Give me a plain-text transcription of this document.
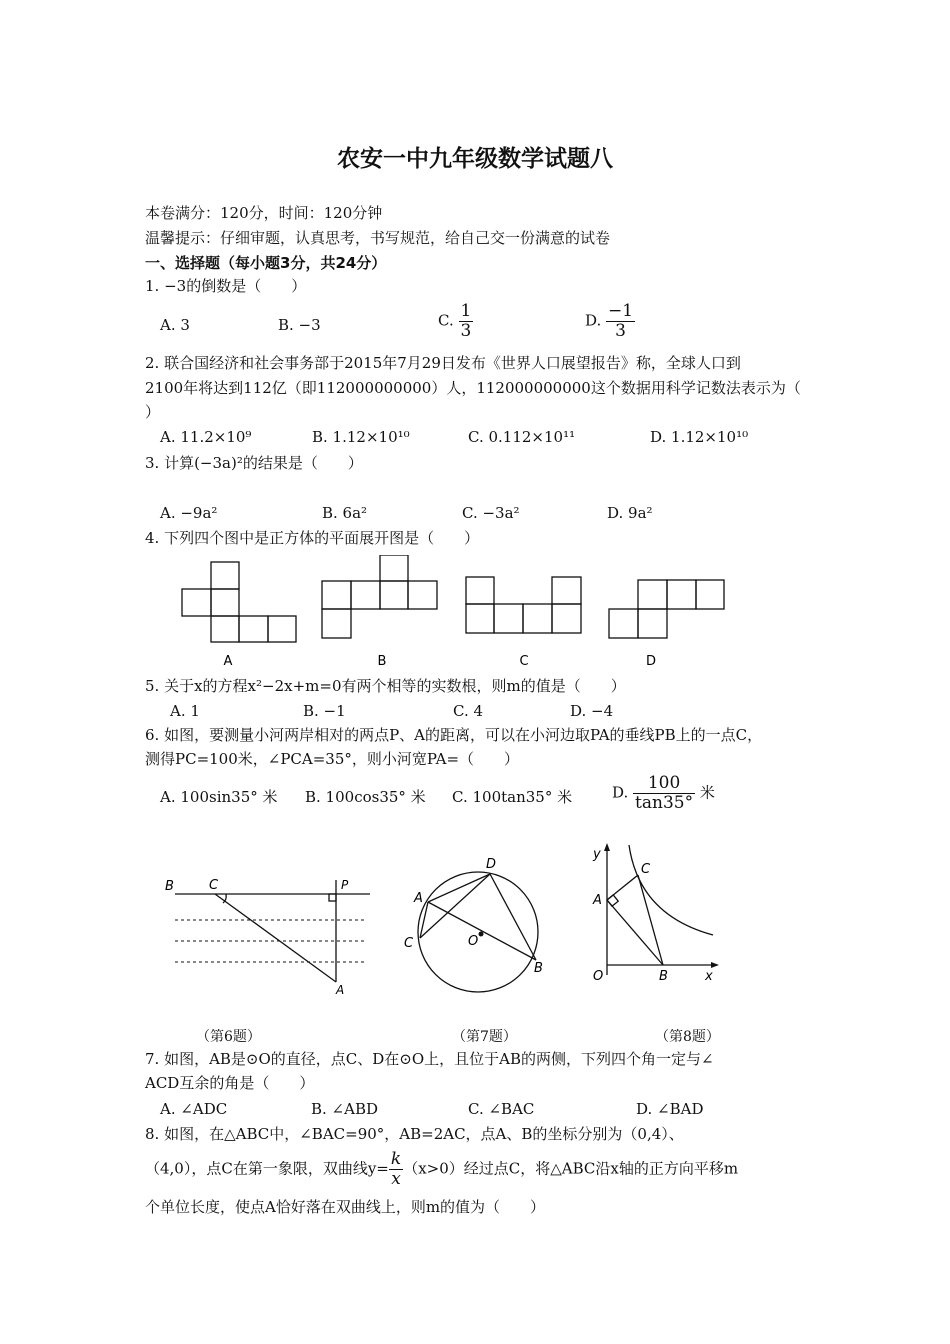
农安一中九年级数学试题八
本卷满分：120分，时间：120分钟
温馨提示：仔细审题，认真思考，书写规范，给自己交一份满意的试卷
一、选择题（每小题3分，共24分）
1. −3的倒数是（　　）
A. 3	B. −3	C. $\frac{1}{3}$	D. $\frac{-1}{3}$
2. 联合国经济和社会事务部于2015年7月29日发布《世界人口展望报告》称，全球人口到
2100年将达到112亿（即112000000000）人，112000000000这个数据用科学记数法表示为（
）
A. 11.2×10⁹	B. 1.12×10¹⁰	C. 0.112×10¹¹	D. 1.12×10¹⁰
3. 计算(−3a)²的结果是（　　）
A. −9a²	B. 6a²	C. −3a²	D. 9a²
4. 下列四个图中是正方体的平面展开图是（　　）
A	B	C	D
5. 关于x的方程x²−2x+m=0有两个相等的实数根，则m的值是（　　）
A. 1	B. −1	C. 4	D. −4
6. 如图，要测量小河两岸相对的两点P、A的距离，可以在小河边取PA的垂线PB上的一点C，
测得PC=100米，∠PCA=35°，则小河宽PA=（　　）
A. 100sin35° 米 B. 100cos35° 米 C. 100tan35° 米	D. $\frac{100}{\tan 35^\circ}$ 米
B	C	P
A
（第6题）
A
C
D
O
B
（第7题）
y
x
A
B
C
O
（第8题）
7. 如图，AB是⊙O的直径，点C、D在⊙O上，且位于AB的两侧，下列四个角一定与∠
ACD互余的角是（　　）
A. ∠ADC	B. ∠ABD	C. ∠BAC	D. ∠BAD
8. 如图，在△ABC中，∠BAC=90°，AB=2AC，点A、B的坐标分别为（0,4）、
（4,0），点C在第一象限，双曲线$y= \frac{k}{x} (x>0)$经过点C，将△ABC沿x轴的正方向平移m
个单位长度，使点A恰好落在双曲线上，则m的值为（　　）
